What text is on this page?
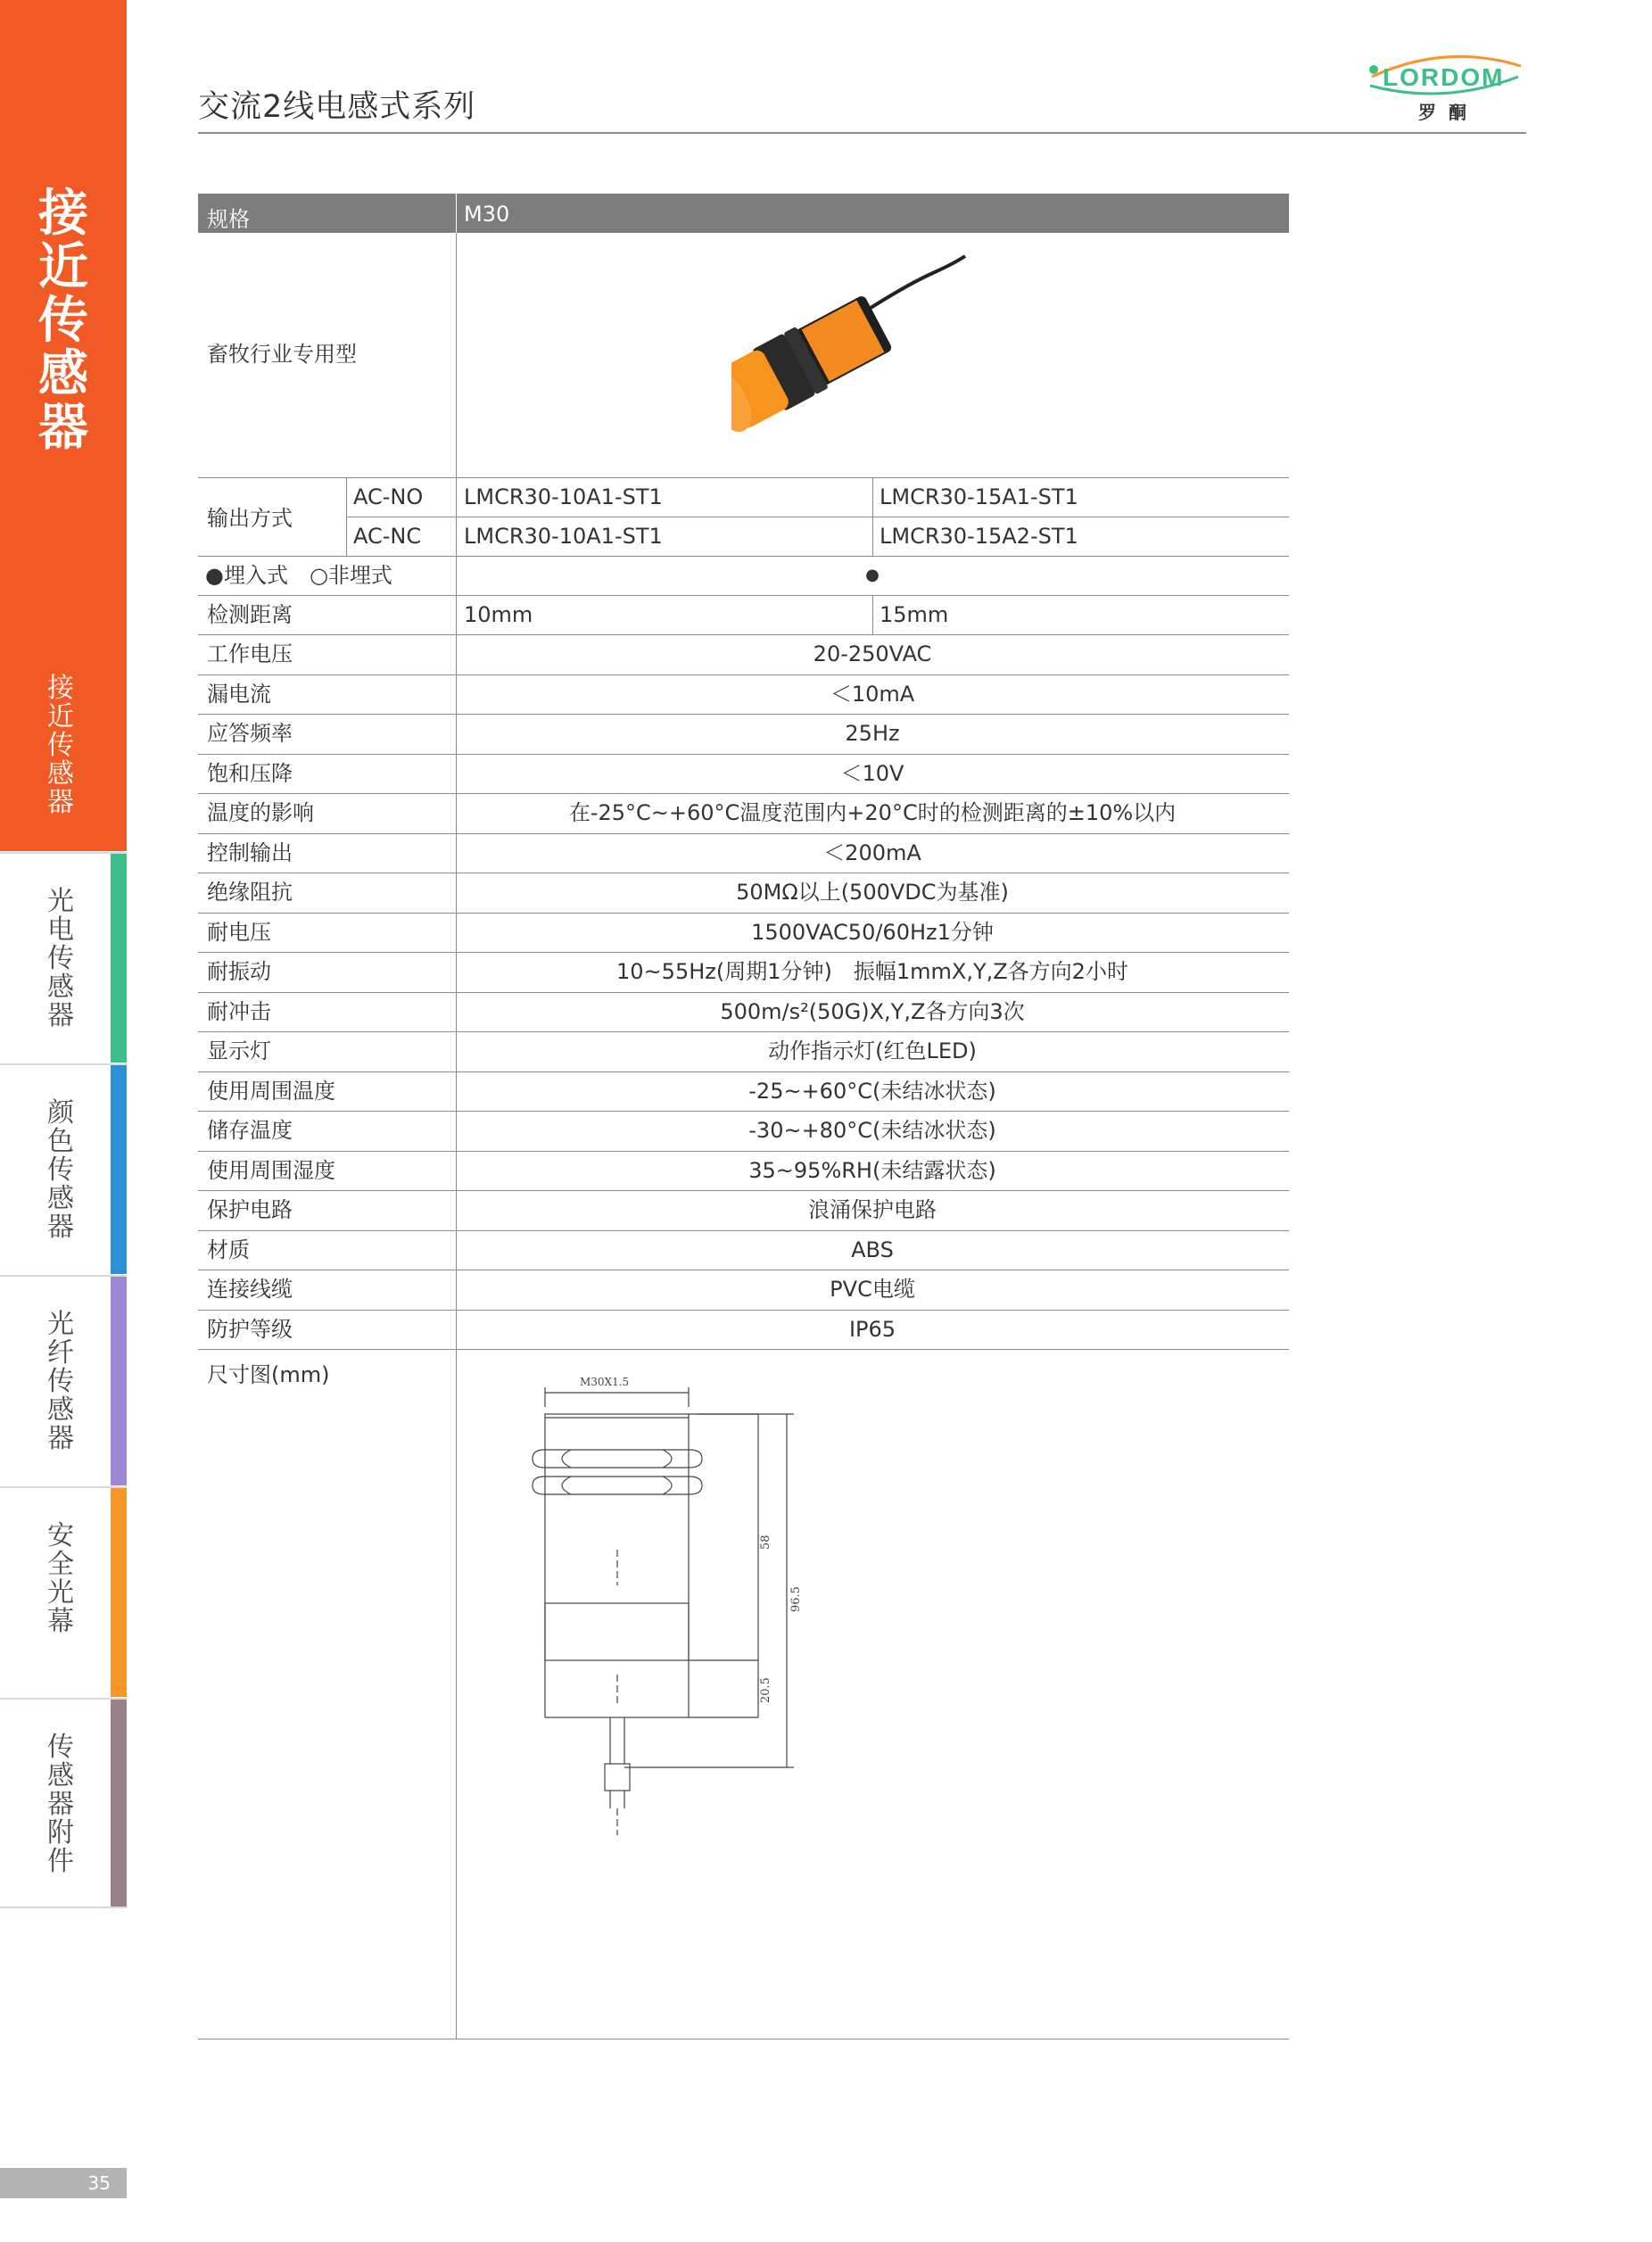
接近传感器
接近传感器
光电传感器
颜色传感器
光纤传感器
安全光幕
传感器附件
35
交流2线电感式系列
LORDOM
罗酮
规格	M30
畜牧行业专用型
输出方式
AC-NO LMCR30-10A1-ST1	LMCR30-15A1-ST1
AC-NC LMCR30-10A1-ST1	LMCR30-15A2-ST1
●埋入式　○非埋式	●
检测距离	10mm	15mm
工作电压	20-250VAC
漏电流	＜10mA
应答频率	25Hz
饱和压降	＜10V
温度的影响	在-25°C~+60°C温度范围内+20°C时的检测距离的±10%以内
控制输出	＜200mA
绝缘阻抗	50MΩ以上(500VDC为基准)
耐电压	1500VAC50/60Hz1分钟
耐振动	10~55Hz(周期1分钟)　振幅1mmX,Y,Z各方向2小时
耐冲击	500m/s²(50G)X,Y,Z各方向3次
显示灯	动作指示灯(红色LED)
使用周围温度	-25~+60°C(未结冰状态)
储存温度	-30~+80°C(未结冰状态)
使用周围湿度	35~95%RH(未结露状态)
保护电路	浪涌保护电路
材质	ABS
连接线缆	PVC电缆
防护等级	IP65
尺寸图(mm)	M30X1.5
58
96.5
20.5
